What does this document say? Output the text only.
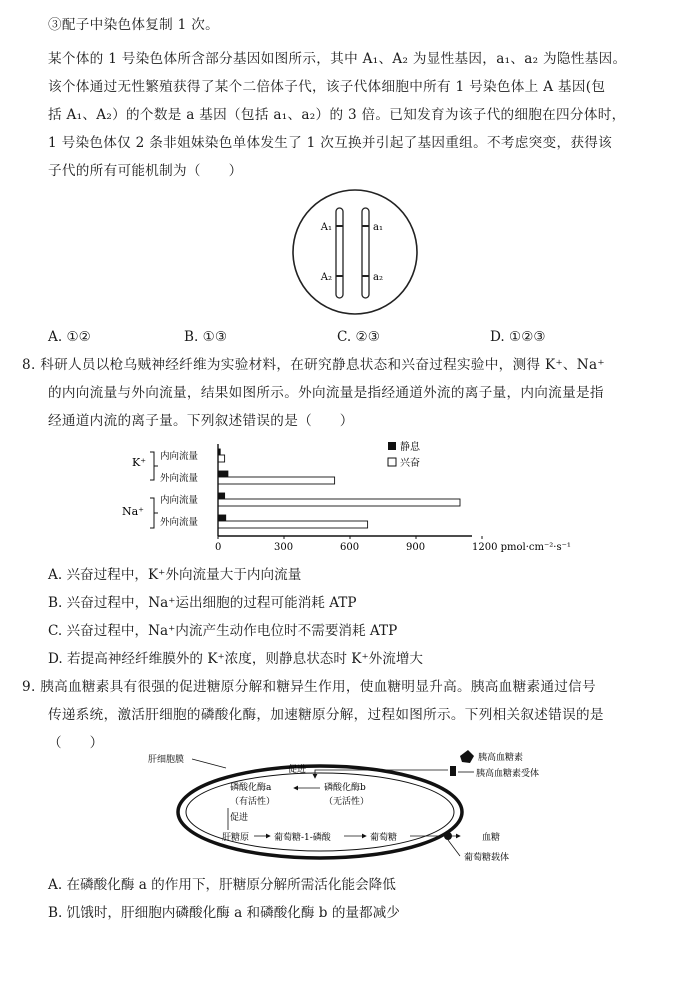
③配子中染色体复制 1 次。
某个体的 1 号染色体所含部分基因如图所示，其中 A₁、A₂ 为显性基因，a₁、a₂ 为隐性基因。
该个体通过无性繁殖获得了某个二倍体子代，该子代体细胞中所有 1 号染色体上 A 基因(包
括 A₁、A₂）的个数是 a 基因（包括 a₁、a₂）的 3 倍。已知发育为该子代的细胞在四分体时，
1 号染色体仅 2 条非姐妹染色单体发生了 1 次互换并引起了基因重组。不考虑突变，获得该
子代的所有可能机制为（　　）
A₁
A₂
a₁
a₂
A. ①②	B. ①③	C. ②③	D. ①②③
8. 科研人员以枪乌贼神经纤维为实验材料，在研究静息状态和兴奋过程实验中，测得 K⁺、Na⁺
的内向流量与外向流量，结果如图所示。外向流量是指经通道外流的离子量，内向流量是指
经通道内流的离子量。下列叙述错误的是（　　）
0	300	600	900	1200 pmol·cm⁻²·s⁻¹
K⁺
Na⁺
内向流量
外向流量
内向流量
外向流量
静息
兴奋
A. 兴奋过程中，K⁺外向流量大于内向流量
B. 兴奋过程中，Na⁺运出细胞的过程可能消耗 ATP
C. 兴奋过程中，Na⁺内流产生动作电位时不需要消耗 ATP
D. 若提高神经纤维膜外的 K⁺浓度，则静息状态时 K⁺外流增大
9. 胰高血糖素具有很强的促进糖原分解和糖异生作用，使血糖明显升高。胰高血糖素通过信号
传递系统，激活肝细胞的磷酸化酶，加速糖原分解，过程如图所示。下列相关叙述错误的是
（　　）
肝细胞膜	胰高血糖素
胰高血糖素受体
促进
磷酸化酶a
（有活性）
磷酸化酶b
（无活性）
促进
肝糖原	葡萄糖-1-磷酸	葡萄糖	血糖
葡萄糖载体
A. 在磷酸化酶 a 的作用下，肝糖原分解所需活化能会降低
B. 饥饿时，肝细胞内磷酸化酶 a 和磷酸化酶 b 的量都减少
